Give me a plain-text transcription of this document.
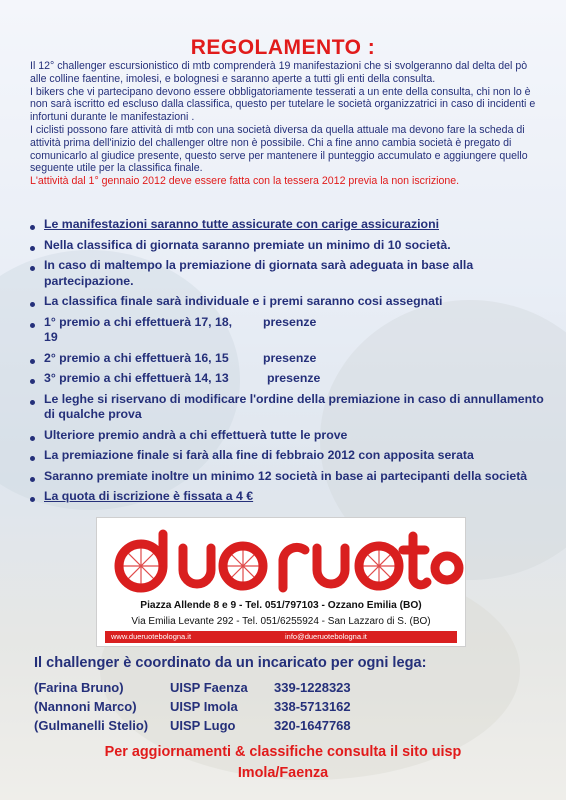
REGOLAMENTO :

Il 12° challenger escursionistico di mtb comprenderà 19 manifestazioni che si svolgeranno dal delta del pò alle colline faentine, imolesi, e bolognesi e saranno aperte a tutti gli enti della consulta.

I bikers che vi partecipano devono essere obbligatoriamente tesserati a un ente della consulta, chi non lo è non sarà iscritto ed escluso dalla classifica, questo per tutelare le società organizzatrici in caso di incidenti e infortuni durante le manifestazioni .

I ciclisti possono fare attività di mtb con una società diversa da quella attuale ma devono fare la scheda di attività prima dell'inizio del challenger oltre non è possibile. Chi a fine anno cambia società è pregato di comunicarlo al giudice presente, questo serve per mantenere il punteggio accumulato e aggiungere quello seguente utile per la classifica finale.

L'attività dal 1° gennaio 2012 deve essere fatta con la tessera 2012 previa la non iscrizione.

Le manifestazioni saranno tutte assicurate con carige assicurazioni
Nella classifica di giornata saranno premiate un minimo di 10 società.
In caso di maltempo la premiazione di giornata sarà adeguata in base alla partecipazione.
La classifica finale sarà individuale e i premi saranno cosi assegnati
1° premio a chi effettuerà 17, 18, 19
presenze
2° premio a chi effettuerà 16, 15	presenze
3° premio a chi effettuerà 14, 13	presenze
Le leghe si riservano di modificare l'ordine della premiazione in caso di annullamento di qualche prova
Ulteriore premio andrà a chi effettuerà tutte le prove
La premiazione finale si farà alla fine di febbraio 2012 con apposita serata
Saranno premiate inoltre un minimo 12 società in base ai partecipanti della società
La quota di iscrizione è fissata a 4 €
Piazza Allende 8 e 9 - Tel. 051/797103 - Ozzano Emilia (BO)
Via Emilia Levante 292 - Tel. 051/6255924 - San Lazzaro di S. (BO)
www.dueruotebologna.it	info@dueruotebologna.it
Il challenger è coordinato da un incaricato per ogni lega:
(Farina Bruno)	UISP Faenza	339-1228323
(Nannoni Marco)	UISP Imola	338-5713162
(Gulmanelli Stelio)	UISP Lugo	320-1647768
Per aggiornamenti & classifiche consulta il sito uisp
Imola/Faenza
